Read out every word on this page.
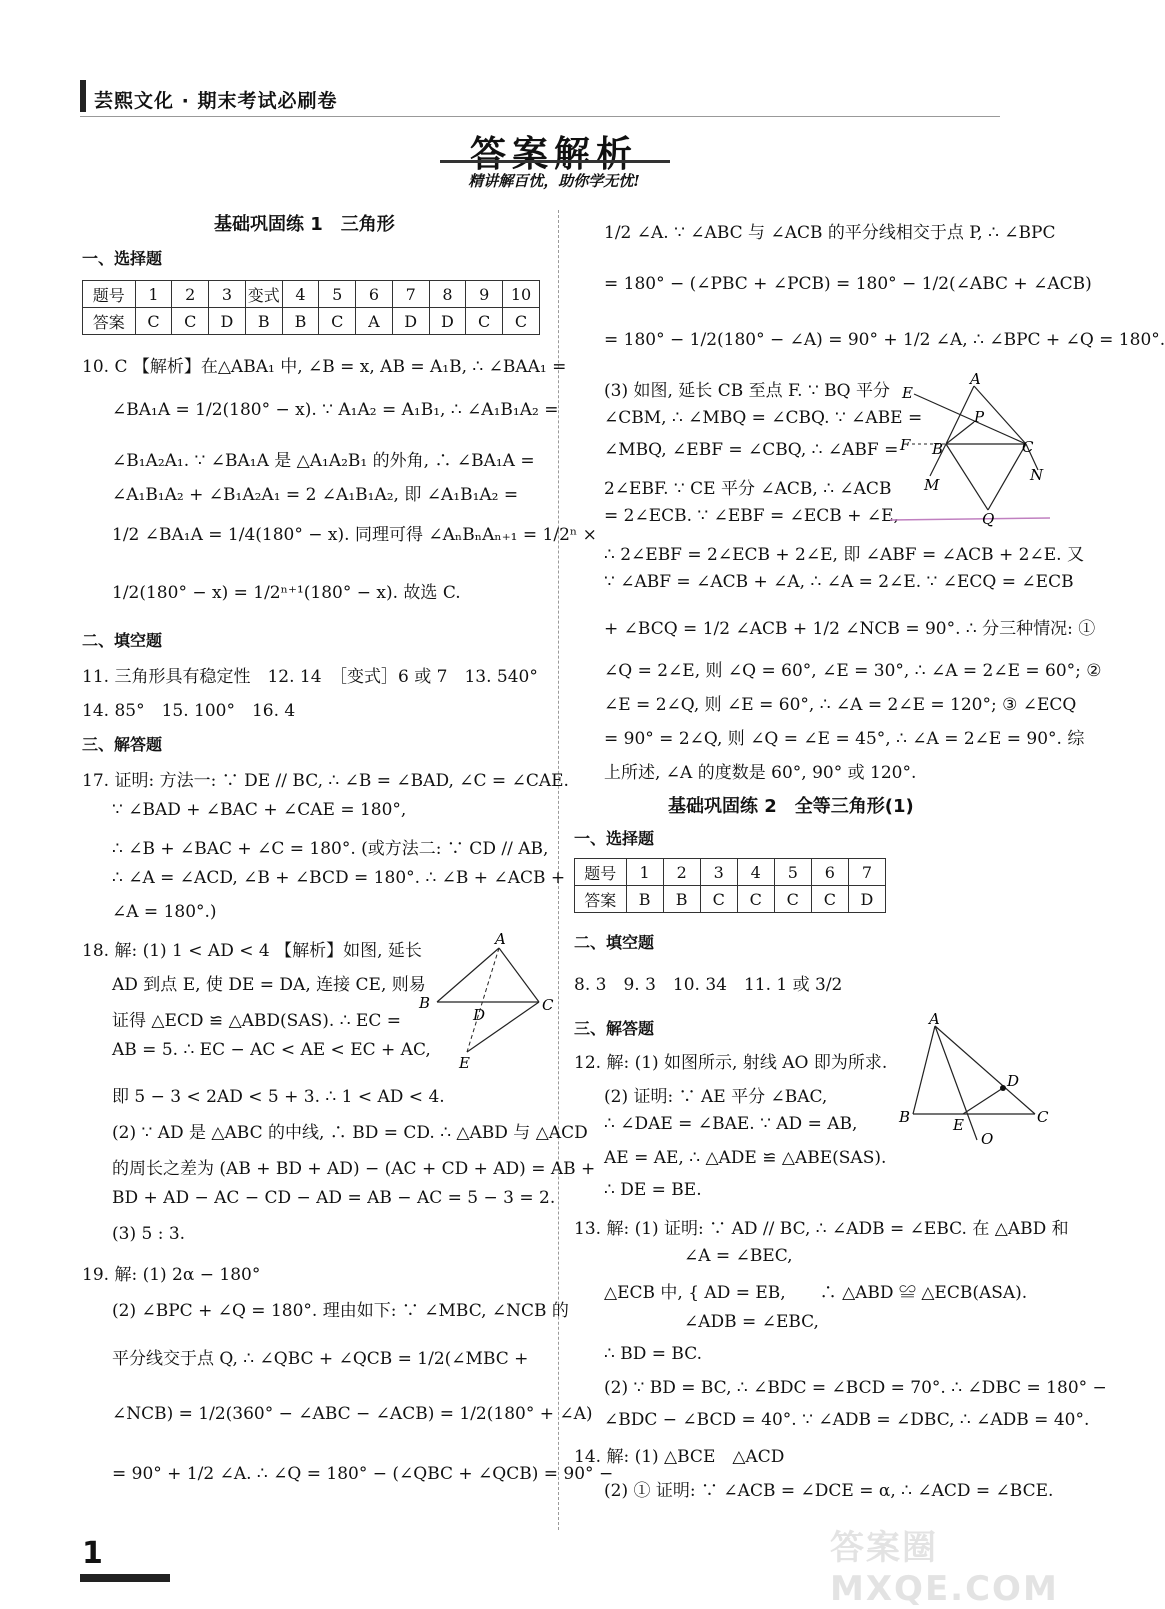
芸熙文化 · 期末考试必刷卷
答案解析
精讲解百忧，助你学无忧!
基础巩固练 1　三角形
一、选择题
题号	1	2	3	变式	4	5	6	7	8	9	10
答案	C	C	D	B	B	C	A	D	D	C	C
10. C 【解析】在△ABA₁ 中, ∠B = x, AB = A₁B, ∴ ∠BAA₁ =
∠BA₁A = 1/2(180° − x). ∵ A₁A₂ = A₁B₁, ∴ ∠A₁B₁A₂ =
∠B₁A₂A₁. ∵ ∠BA₁A 是 △A₁A₂B₁ 的外角, ∴ ∠BA₁A =
∠A₁B₁A₂ + ∠B₁A₂A₁ = 2 ∠A₁B₁A₂, 即 ∠A₁B₁A₂ =
1/2 ∠BA₁A = 1/4(180° − x). 同理可得 ∠AₙBₙAₙ₊₁ = 1/2ⁿ ×
1/2(180° − x) = 1/2ⁿ⁺¹(180° − x). 故选 C.
二、填空题
11. 三角形具有稳定性　12. 14　［变式］6 或 7　13. 540°
14. 85°　15. 100°　16. 4
三、解答题
17. 证明: 方法一: ∵ DE // BC, ∴ ∠B = ∠BAD, ∠C = ∠CAE.
∵ ∠BAD + ∠BAC + ∠CAE = 180°,
∴ ∠B + ∠BAC + ∠C = 180°. (或方法二: ∵ CD // AB,
∴ ∠A = ∠ACD, ∠B + ∠BCD = 180°. ∴ ∠B + ∠ACB +
∠A = 180°.)
18. 解: (1) 1 < AD < 4 【解析】如图, 延长
AD 到点 E, 使 DE = DA, 连接 CE, 则易
证得 △ECD ≌ △ABD(SAS). ∴ EC =
AB = 5. ∴ EC − AC < AE < EC + AC,
即 5 − 3 < 2AD < 5 + 3. ∴ 1 < AD < 4.
(2) ∵ AD 是 △ABC 的中线, ∴ BD = CD. ∴ △ABD 与 △ACD
的周长之差为 (AB + BD + AD) − (AC + CD + AD) = AB +
BD + AD − AC − CD − AD = AB − AC = 5 − 3 = 2.
(3) 5 : 3.
19. 解: (1) 2α − 180°
(2) ∠BPC + ∠Q = 180°. 理由如下: ∵ ∠MBC, ∠NCB 的
平分线交于点 Q, ∴ ∠QBC + ∠QCB = 1/2(∠MBC +
∠NCB) = 1/2(360° − ∠ABC − ∠ACB) = 1/2(180° + ∠A)
= 90° + 1/2 ∠A. ∴ ∠Q = 180° − (∠QBC + ∠QCB) = 90° −
1/2 ∠A. ∵ ∠ABC 与 ∠ACB 的平分线相交于点 P, ∴ ∠BPC
= 180° − (∠PBC + ∠PCB) = 180° − 1/2(∠ABC + ∠ACB)
= 180° − 1/2(180° − ∠A) = 90° + 1/2 ∠A, ∴ ∠BPC + ∠Q = 180°.
(3) 如图, 延长 CB 至点 F. ∵ BQ 平分
∠CBM, ∴ ∠MBQ = ∠CBQ. ∵ ∠ABE =
∠MBQ, ∠EBF = ∠CBQ, ∴ ∠ABF =
2∠EBF. ∵ CE 平分 ∠ACB, ∴ ∠ACB
= 2∠ECB. ∵ ∠EBF = ∠ECB + ∠E,
∴ 2∠EBF = 2∠ECB + 2∠E, 即 ∠ABF = ∠ACB + 2∠E. 又
∵ ∠ABF = ∠ACB + ∠A, ∴ ∠A = 2∠E. ∵ ∠ECQ = ∠ECB
+ ∠BCQ = 1/2 ∠ACB + 1/2 ∠NCB = 90°. ∴ 分三种情况: ①
∠Q = 2∠E, 则 ∠Q = 60°, ∠E = 30°, ∴ ∠A = 2∠E = 60°; ②
∠E = 2∠Q, 则 ∠E = 60°, ∴ ∠A = 2∠E = 120°; ③ ∠ECQ
= 90° = 2∠Q, 则 ∠Q = ∠E = 45°, ∴ ∠A = 2∠E = 90°. 综
上所述, ∠A 的度数是 60°, 90° 或 120°.
基础巩固练 2　全等三角形(1)
一、选择题
题号	1	2	3	4	5	6	7
答案	B	B	C	C	C	C	D
二、填空题
8. 3　9. 3　10. 34　11. 1 或 3/2
三、解答题
12. 解: (1) 如图所示, 射线 AO 即为所求.
(2) 证明: ∵ AE 平分 ∠BAC,
∴ ∠DAE = ∠BAE. ∵ AD = AB,
AE = AE, ∴ △ADE ≌ △ABE(SAS).
∴ DE = BE.
13. 解: (1) 证明: ∵ AD // BC, ∴ ∠ADB = ∠EBC. 在 △ABD 和
∠A = ∠BEC,
△ECB 中, { AD = EB,　　∴ △ABD ≌ △ECB(ASA).
∠ADB = ∠EBC,
∴ BD = BC.
(2) ∵ BD = BC, ∴ ∠BDC = ∠BCD = 70°. ∴ ∠DBC = 180° −
∠BDC − ∠BCD = 40°. ∵ ∠ADB = ∠DBC, ∴ ∠ADB = 40°.
14. 解: (1) △BCE　△ACD
(2) ① 证明: ∵ ∠ACB = ∠DCE = α, ∴ ∠ACD = ∠BCE.
A
B	C
D
E
A
E
P
F B	C
M
N
Q
A
B	E	C
D
O
1	答案圈 MXQE.COM
